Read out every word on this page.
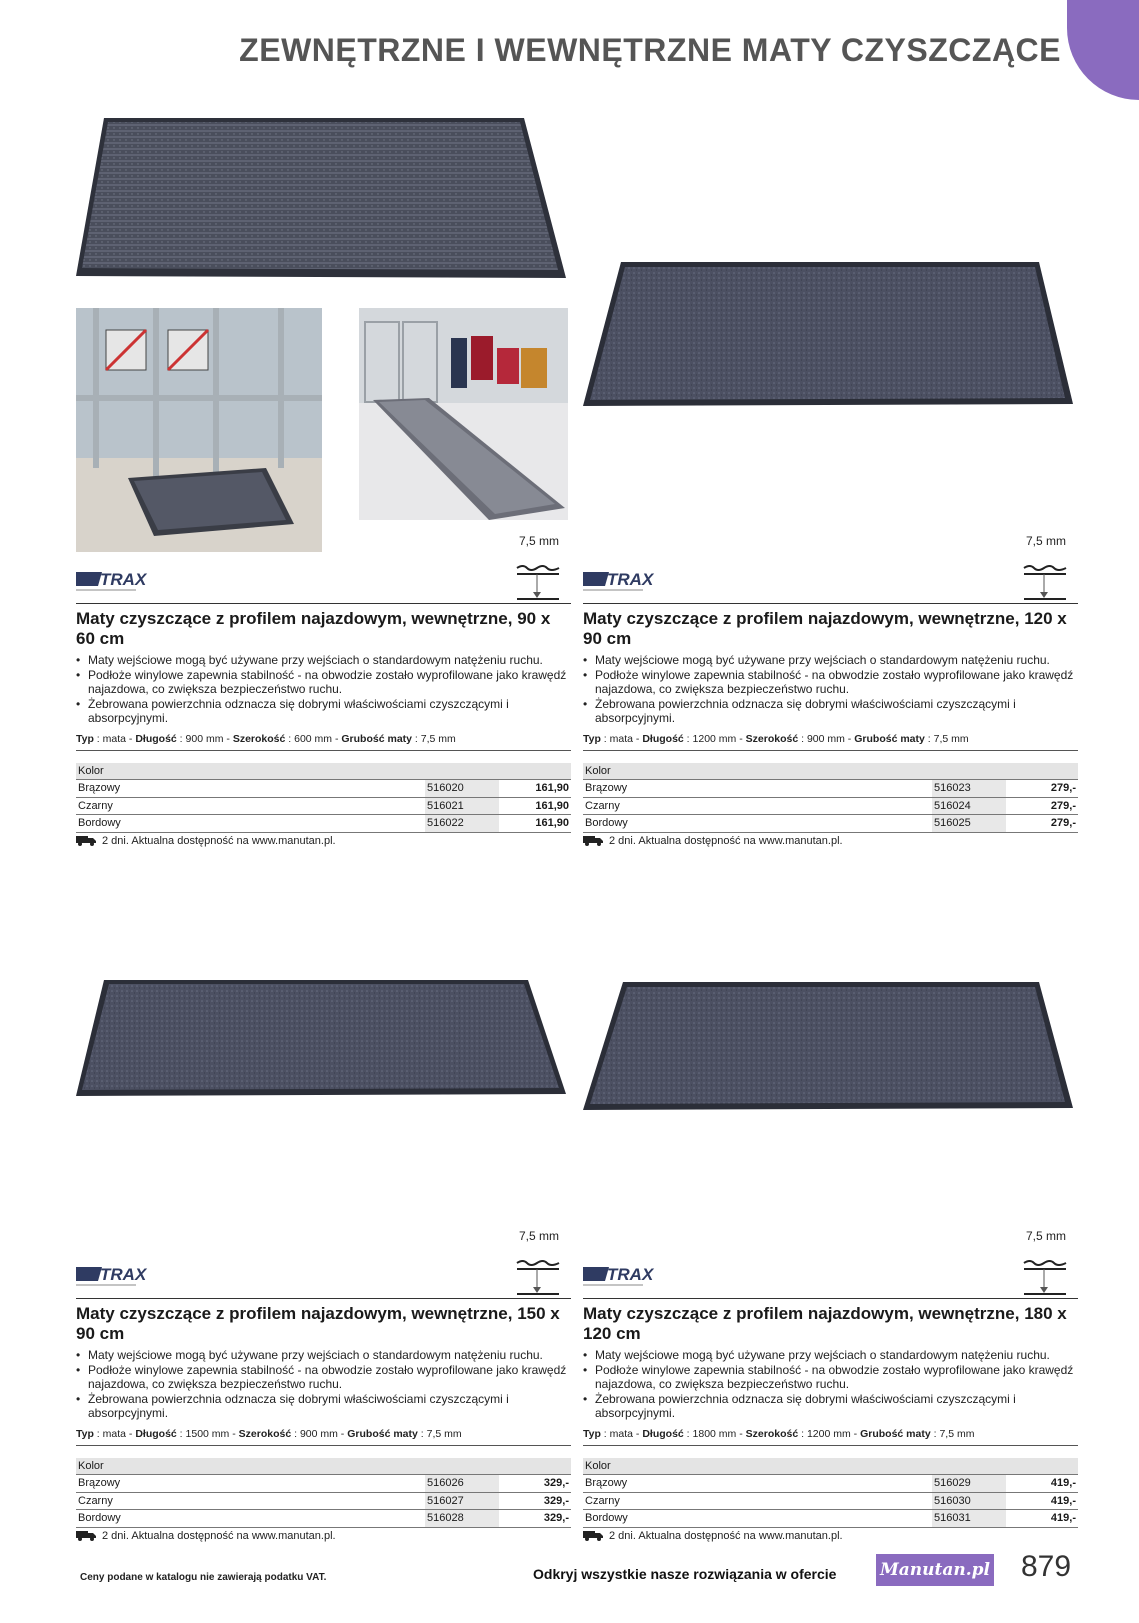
ZEWNĘTRZNE I WEWNĘTRZNE MATY CZYSZCZĄCE
7,5 mm
TRAX
Maty czyszczące z profilem najazdowym, wewnętrzne, 90 x 60 cm
• Maty wejściowe mogą być używane przy wejściach o standardowym natężeniu ruchu.
• Podłoże winylowe zapewnia stabilność - na obwodzie zostało wyprofilowane jako krawędź najazdowa, co zwiększa bezpieczeństwo ruchu.
• Żebrowana powierzchnia odznacza się dobrymi właściwościami czyszczącymi i absorpcyjnymi.
Typ : mata - Długość : 900 mm - Szerokość : 600 mm - Grubość maty : 7,5 mm
Kolor			
Brązowy	516020		161,90
Czarny	516021		161,90
Bordowy	516022		161,90
2 dni. Aktualna dostępność na www.manutan.pl.
7,5 mm
TRAX
Maty czyszczące z profilem najazdowym, wewnętrzne, 120 x 90 cm
• Maty wejściowe mogą być używane przy wejściach o standardowym natężeniu ruchu.
• Podłoże winylowe zapewnia stabilność - na obwodzie zostało wyprofilowane jako krawędź najazdowa, co zwiększa bezpieczeństwo ruchu.
• Żebrowana powierzchnia odznacza się dobrymi właściwościami czyszczącymi i absorpcyjnymi.
Typ : mata - Długość : 1200 mm - Szerokość : 900 mm - Grubość maty : 7,5 mm
Kolor			
Brązowy	516023		279,-
Czarny	516024		279,-
Bordowy	516025		279,-
2 dni. Aktualna dostępność na www.manutan.pl.
7,5 mm
TRAX
Maty czyszczące z profilem najazdowym, wewnętrzne, 150 x 90 cm
• Maty wejściowe mogą być używane przy wejściach o standardowym natężeniu ruchu.
• Podłoże winylowe zapewnia stabilność - na obwodzie zostało wyprofilowane jako krawędź najazdowa, co zwiększa bezpieczeństwo ruchu.
• Żebrowana powierzchnia odznacza się dobrymi właściwościami czyszczącymi i absorpcyjnymi.
Typ : mata - Długość : 1500 mm - Szerokość : 900 mm - Grubość maty : 7,5 mm
Kolor			
Brązowy	516026		329,-
Czarny	516027		329,-
Bordowy	516028		329,-
2 dni. Aktualna dostępność na www.manutan.pl.
7,5 mm
TRAX
Maty czyszczące z profilem najazdowym, wewnętrzne, 180 x 120 cm
• Maty wejściowe mogą być używane przy wejściach o standardowym natężeniu ruchu.
• Podłoże winylowe zapewnia stabilność - na obwodzie zostało wyprofilowane jako krawędź najazdowa, co zwiększa bezpieczeństwo ruchu.
• Żebrowana powierzchnia odznacza się dobrymi właściwościami czyszczącymi i absorpcyjnymi.
Typ : mata - Długość : 1800 mm - Szerokość : 1200 mm - Grubość maty : 7,5 mm
Kolor			
Brązowy	516029		419,-
Czarny	516030		419,-
Bordowy	516031		419,-
2 dni. Aktualna dostępność na www.manutan.pl.
Ceny podane w katalogu nie zawierają podatku VAT.	Odkryj wszystkie nasze rozwiązania w ofercie	Manutan.pl 879
